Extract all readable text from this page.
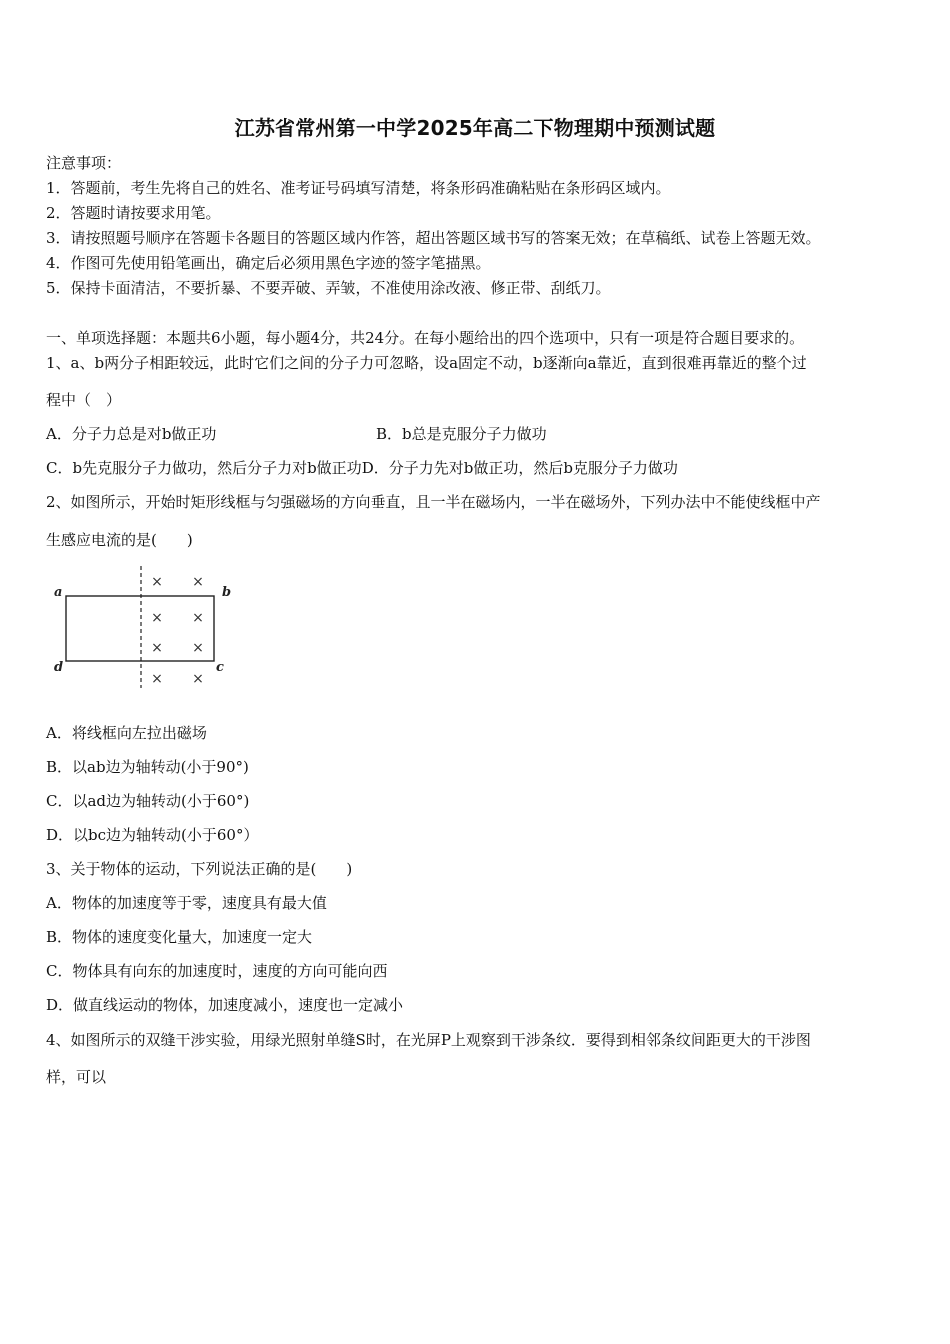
江苏省常州第一中学2025年高二下物理期中预测试题
注意事项：
1．答题前，考生先将自己的姓名、准考证号码填写清楚，将条形码准确粘贴在条形码区域内。
2．答题时请按要求用笔。
3．请按照题号顺序在答题卡各题目的答题区域内作答，超出答题区域书写的答案无效；在草稿纸、试卷上答题无效。
4．作图可先使用铅笔画出，确定后必须用黑色字迹的签字笔描黑。
5．保持卡面清洁，不要折暴、不要弄破、弄皱，不准使用涂改液、修正带、刮纸刀。
一、单项选择题：本题共6小题，每小题4分，共24分。在每小题给出的四个选项中，只有一项是符合题目要求的。
1、a、b两分子相距较远，此时它们之间的分子力可忽略，设a固定不动，b逐渐向a靠近，直到很难再靠近的整个过
程中（　）
A．分子力总是对b做正功	B．b总是克服分子力做功
C．b先克服分子力做功，然后分子力对b做正功D．分子力先对b做正功，然后b克服分子力做功
2、如图所示，开始时矩形线框与匀强磁场的方向垂直，且一半在磁场内，一半在磁场外，下列办法中不能使线框中产
生感应电流的是(　　)
a	b
c
d
× ×
× ×
× ×
× ×
A．将线框向左拉出磁场
B．以ab边为轴转动(小于90°)
C．以ad边为轴转动(小于60°)
D．以bc边为轴转动(小于60°）
3、关于物体的运动，下列说法正确的是(　　)
A．物体的加速度等于零，速度具有最大值
B．物体的速度变化量大，加速度一定大
C．物体具有向东的加速度时，速度的方向可能向西
D．做直线运动的物体，加速度减小，速度也一定减小
4、如图所示的双缝干涉实验，用绿光照射单缝S时，在光屏P上观察到干涉条纹．要得到相邻条纹间距更大的干涉图
样，可以
